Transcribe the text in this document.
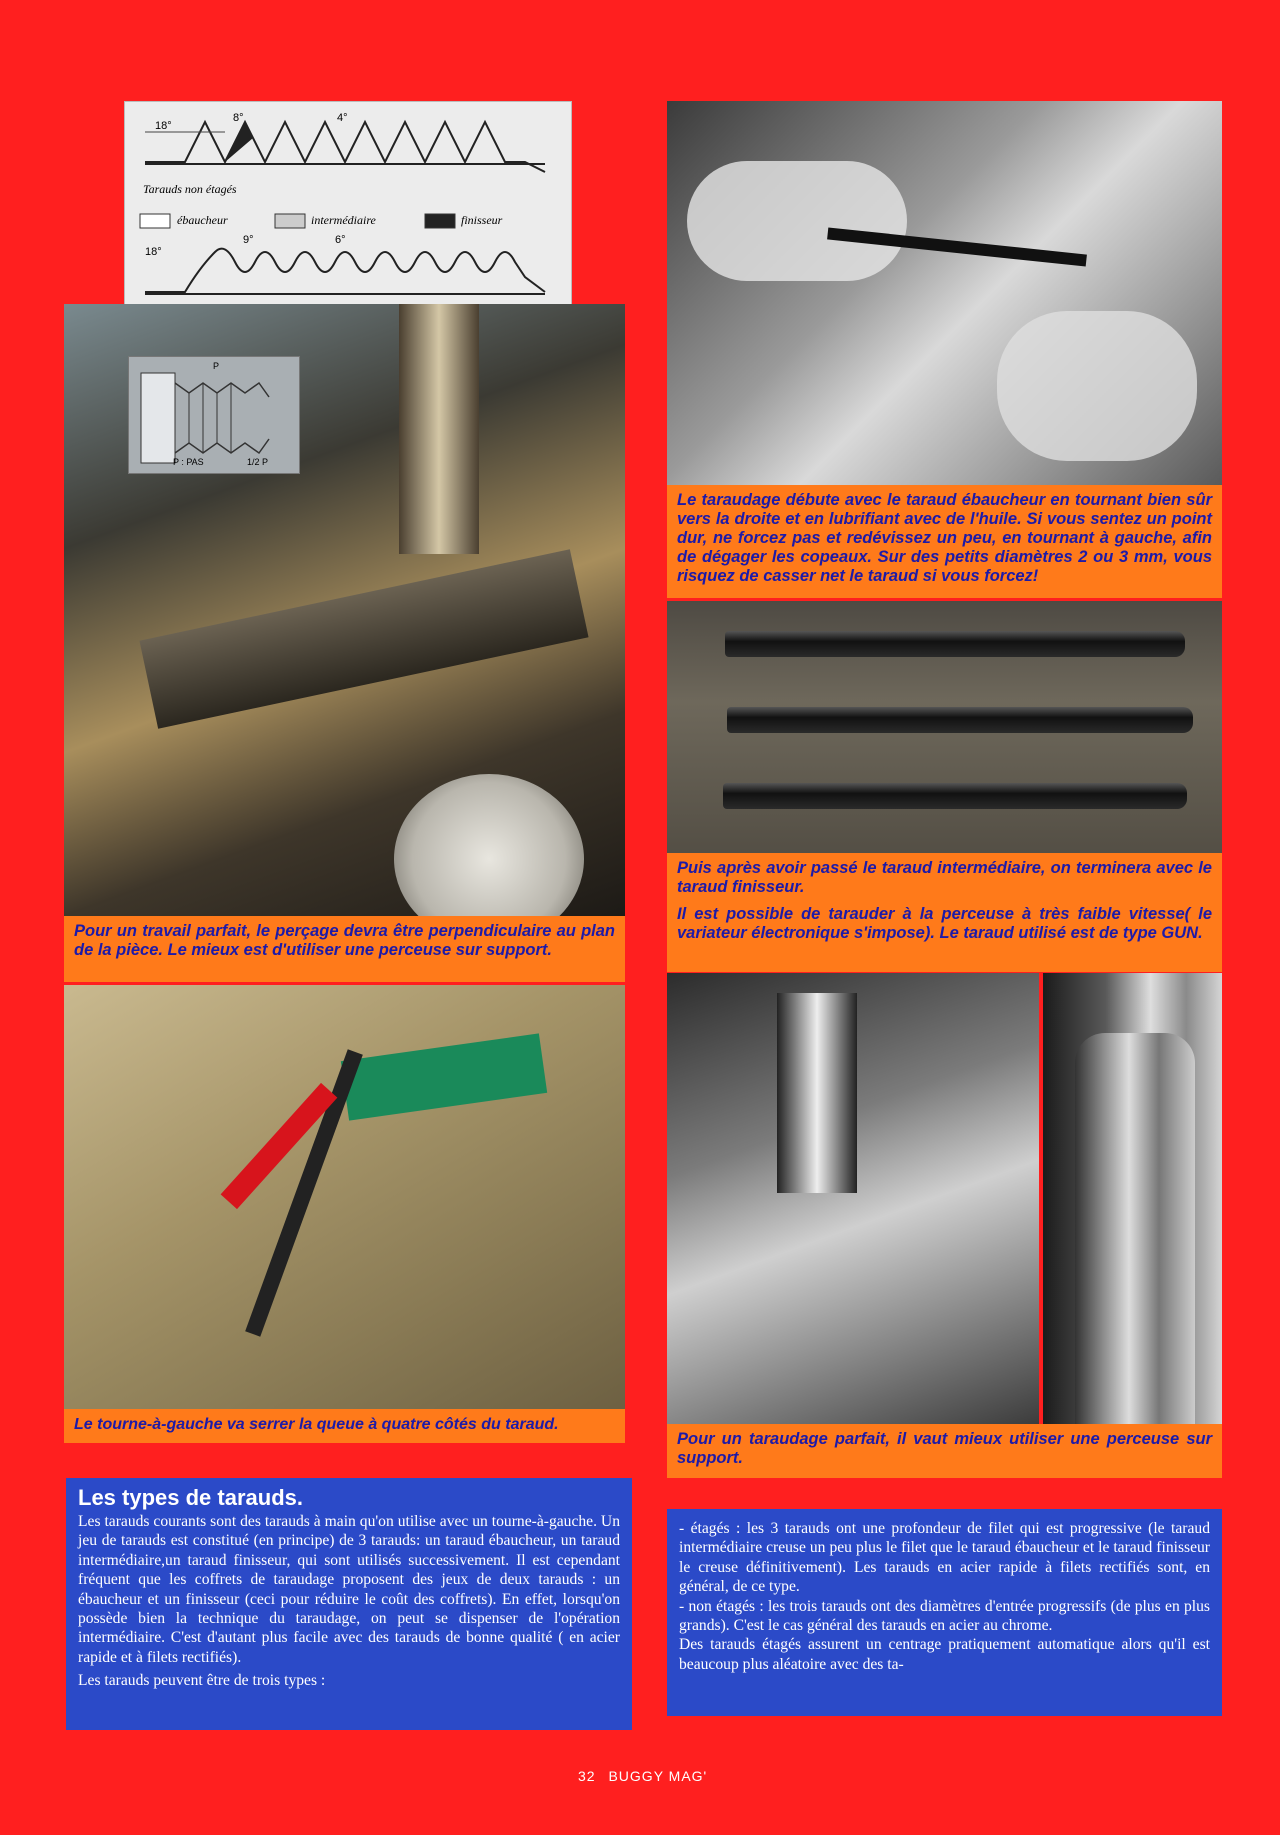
18°
8°	4°
Tarauds non étagés
ébaucheur	intermédiaire	finisseur
18°
9°	6°
P
P : PAS	1/2 P

Pour un travail parfait, le perçage devra être perpendiculaire au plan de la pièce. Le mieux est d'utiliser une perceuse sur support.

Le tourne-à-gauche va serrer la queue à quatre côtés du taraud.

Le taraudage débute avec le taraud ébaucheur en tournant bien sûr vers la droite et en lubrifiant avec de l'huile. Si vous sentez un point dur, ne forcez pas et redévissez un peu, en tournant à gauche, afin de dégager les copeaux. Sur des petits diamètres 2 ou 3 mm, vous risquez de casser net le taraud si vous forcez!

Puis après avoir passé le taraud intermédiaire, on terminera avec le taraud finisseur.

Il est possible de tarauder à la perceuse à très faible vitesse( le variateur électronique s'impose). Le taraud utilisé est de type GUN.

Pour un taraudage parfait, il vaut mieux utiliser une perceuse sur support.

Les types de tarauds.

Les tarauds courants sont des tarauds à main qu'on utilise avec un tourne-à-gauche. Un jeu de tarauds est constitué (en principe) de 3 tarauds: un taraud ébaucheur, un taraud intermédiaire,un taraud finisseur, qui sont utilisés successivement. Il est cependant fréquent que les coffrets de taraudage proposent des jeux de deux tarauds : un ébaucheur et un finisseur (ceci pour réduire le coût des coffrets). En effet, lorsqu'on possède bien la technique du taraudage, on peut se dispenser de l'opération intermédiaire. C'est d'autant plus facile avec des tarauds de bonne qualité ( en acier rapide et à filets rectifiés).

Les tarauds peuvent être de trois types :

- étagés : les 3 tarauds ont une profondeur de filet qui est progressive (le taraud intermédiaire creuse un peu plus le filet que le taraud ébaucheur et le taraud finisseur le creuse définitivement). Les tarauds en acier rapide à filets rectifiés sont, en général, de ce type.

- non étagés : les trois tarauds ont des diamètres d'entrée progressifs (de plus en plus grands). C'est le cas général des tarauds en acier au chrome.

Des tarauds étagés assurent un centrage pratiquement automatique alors qu'il est beaucoup plus aléatoire avec des ta-

32 BUGGY MAG'
